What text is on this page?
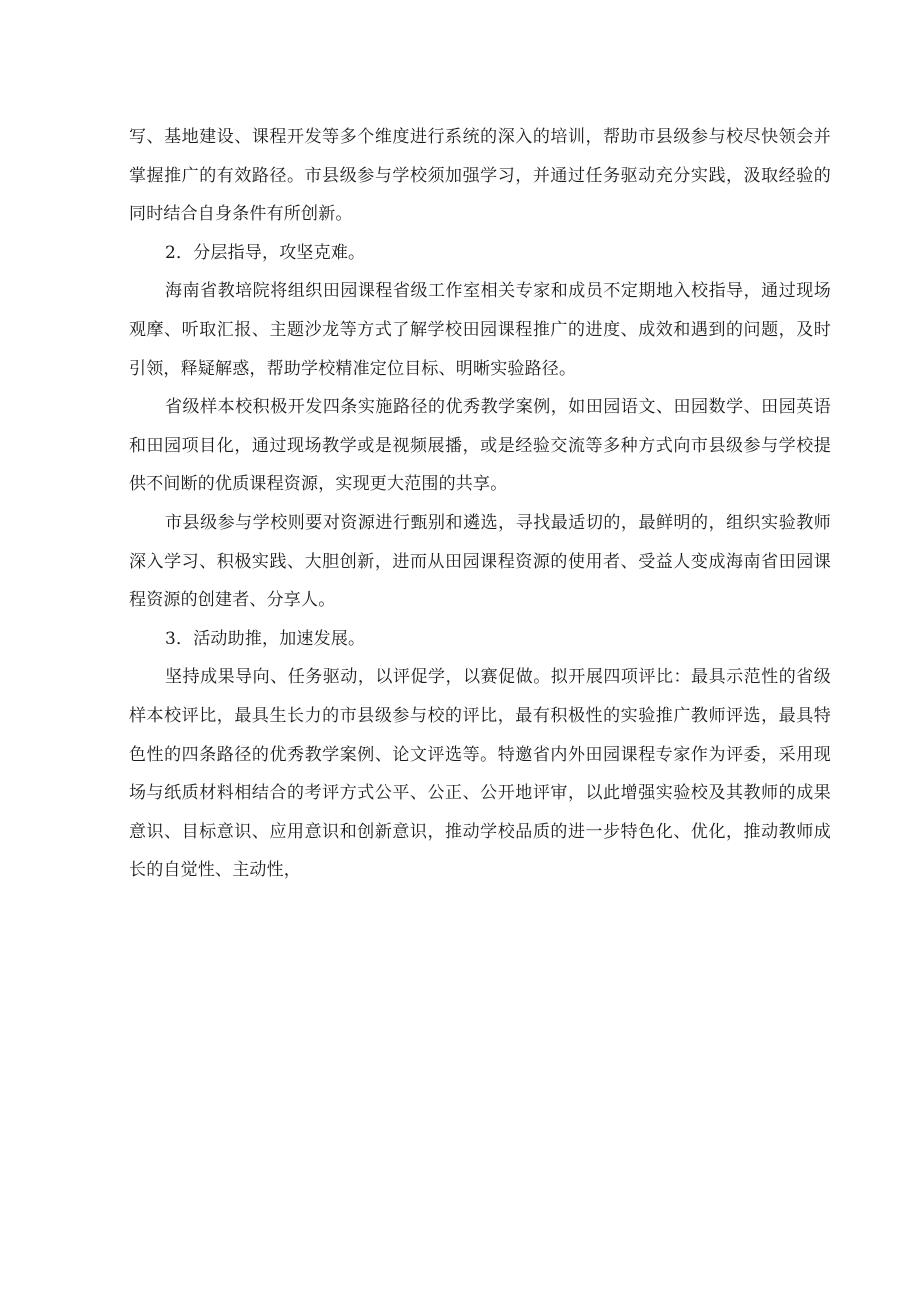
写、基地建设、课程开发等多个维度进行系统的深入的培训，帮助市县级参与校尽快领会并掌握推广的有效路径。市县级参与学校须加强学习，并通过任务驱动充分实践，汲取经验的同时结合自身条件有所创新。

2．分层指导，攻坚克难。

海南省教培院将组织田园课程省级工作室相关专家和成员不定期地入校指导，通过现场观摩、听取汇报、主题沙龙等方式了解学校田园课程推广的进度、成效和遇到的问题，及时引领，释疑解惑，帮助学校精准定位目标、明晰实验路径。

省级样本校积极开发四条实施路径的优秀教学案例，如田园语文、田园数学、田园英语和田园项目化，通过现场教学或是视频展播，或是经验交流等多种方式向市县级参与学校提供不间断的优质课程资源，实现更大范围的共享。

市县级参与学校则要对资源进行甄别和遴选，寻找最适切的，最鲜明的，组织实验教师深入学习、积极实践、大胆创新，进而从田园课程资源的使用者、受益人变成海南省田园课程资源的创建者、分享人。

3．活动助推，加速发展。

坚持成果导向、任务驱动，以评促学，以赛促做。拟开展四项评比：最具示范性的省级样本校评比，最具生长力的市县级参与校的评比，最有积极性的实验推广教师评选，最具特色性的四条路径的优秀教学案例、论文评选等。特邀省内外田园课程专家作为评委，采用现场与纸质材料相结合的考评方式公平、公正、公开地评审，以此增强实验校及其教师的成果意识、目标意识、应用意识和创新意识，推动学校品质的进一步特色化、优化，推动教师成长的自觉性、主动性，
